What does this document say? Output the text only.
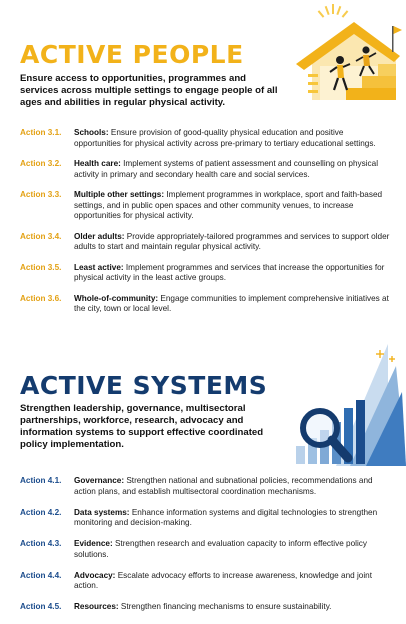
ACTIVE PEOPLE
Ensure access to opportunities, programmes and services across multiple settings to engage people of all ages and abilities in regular physical activity.
Action 3.1.	Schools: Ensure provision of good-quality physical education and positive opportunities for physical activity across pre-primary to tertiary educational settings.
Action 3.2.	Health care: Implement systems of patient assessment and counselling on physical activity in primary and secondary health care and social services.
Action 3.3.	Multiple other settings: Implement programmes in workplace, sport and faith-based settings, and in public open spaces and other community venues, to increase opportunities for physical activity.
Action 3.4.	Older adults: Provide appropriately-tailored programmes and services to support older adults to start and maintain regular physical activity.
Action 3.5.	Least active: Implement programmes and services that increase the opportunities for physical activity in the least active groups.
Action 3.6.	Whole-of-community: Engage communities to implement comprehensive initiatives at the city, town or local level.
ACTIVE SYSTEMS
Strengthen leadership, governance, multisectoral partnerships, workforce, research, advocacy and information systems to support effective coordinated policy implementation.
Action 4.1.	Governance: Strengthen national and subnational policies, recommendations and action plans, and establish multisectoral coordination mechanisms.
Action 4.2.	Data systems: Enhance information systems and digital technologies to strengthen monitoring and decision-making.
Action 4.3.	Evidence: Strengthen research and evaluation capacity to inform effective policy solutions.
Action 4.4.	Advocacy: Escalate advocacy efforts to increase awareness, knowledge and joint action.
Action 4.5.	Resources: Strengthen financing mechanisms to ensure sustainability.
